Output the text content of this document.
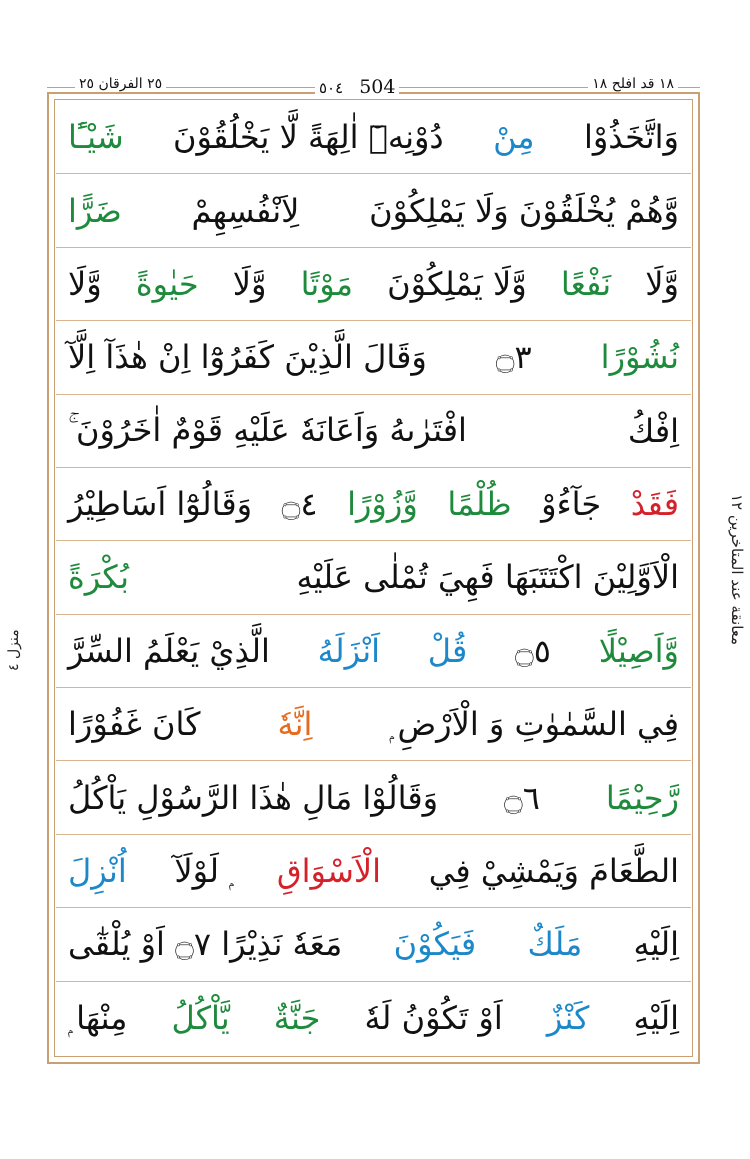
٢٥ الفرقان ٢٥	٥٠٤ 504	١٨ قد افلح ١٨
وَاتَّخَذُوْا
مِنْ
دُوْنِهٖٓ اٰلِهَةً لَّا يَخْلُقُوْنَ
شَيْـًٔا
وَّهُمْ يُخْلَقُوْنَ وَلَا يَمْلِكُوْنَ
لِاَنْفُسِهِمْ
ضَرًّا
وَّلَا
نَفْعًا
وَّلَا يَمْلِكُوْنَ
مَوْتًا
وَّلَا
حَيٰوةً
وَّلَا
نُشُوْرًا
۝٣
وَقَالَ الَّذِيْنَ كَفَرُوْٓا اِنْ هٰذَآ اِلَّآ
اِفْكُ
افْتَرٰىهُ وَاَعَانَهٗ عَلَيْهِ قَوْمٌ اٰخَرُوْنَ ۚ
فَقَدْ
جَآءُوْ
ظُلْمًا
وَّزُوْرًا
۝٤
وَقَالُوْٓا اَسَاطِيْرُ
الْاَوَّلِيْنَ اكْتَتَبَهَا فَهِيَ تُمْلٰى عَلَيْهِ
بُكْرَةً
وَّاَصِيْلًا
۝٥
قُلْ
اَنْزَلَهُ
الَّذِيْ يَعْلَمُ السِّرَّ
فِي السَّمٰوٰتِ وَ الْاَرْضِ ۭ
اِنَّهٗ
كَانَ غَفُوْرًا
رَّحِيْمًا
۝٦
وَقَالُوْا مَالِ هٰذَا الرَّسُوْلِ يَاْكُلُ
الطَّعَامَ وَيَمْشِيْ فِي
الْاَسْوَاقِ
ۭ لَوْلَآ
اُنْزِلَ
اِلَيْهِ
مَلَكٌ
فَيَكُوْنَ
مَعَهٗ نَذِيْرًا ۝٧ اَوْ يُلْقٰٓى
اِلَيْهِ
كَنْزٌ
اَوْ تَكُوْنُ لَهٗ
جَنَّةٌ
يَّاْكُلُ
مِنْهَا ۭ
معانقة عند المتاخرين ١٢
منزل ٤
